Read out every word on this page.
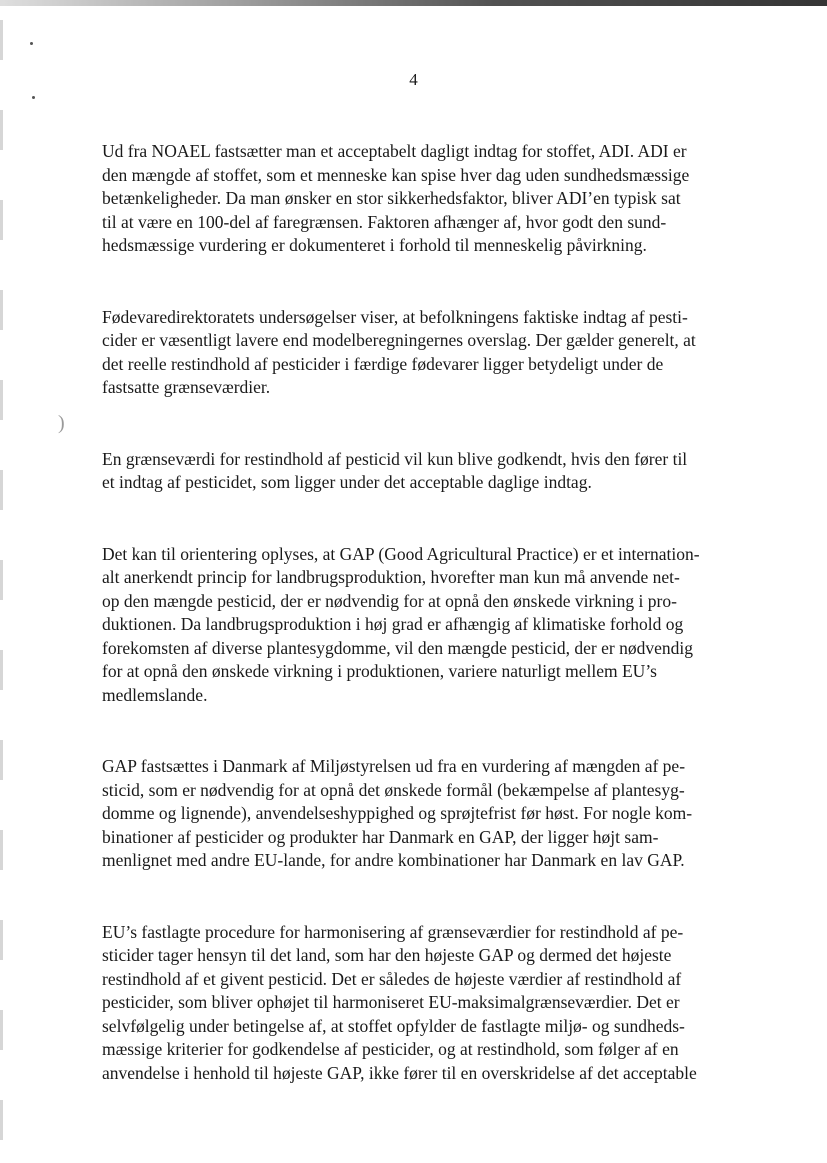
)
4

Ud fra NOAEL fastsætter man et acceptabelt dagligt indtag for stoffet, ADI. ADI er
den mængde af stoffet, som et menneske kan spise hver dag uden sundhedsmæssige
betænkeligheder. Da man ønsker en stor sikkerhedsfaktor, bliver ADI’en typisk sat
til at være en 100-del af faregrænsen. Faktoren afhænger af, hvor godt den sund-
hedsmæssige vurdering er dokumenteret i forhold til menneskelig påvirkning.

Fødevaredirektoratets undersøgelser viser, at befolkningens faktiske indtag af pesti-
cider er væsentligt lavere end modelberegningernes overslag. Der gælder generelt, at
det reelle restindhold af pesticider i færdige fødevarer ligger betydeligt under de
fastsatte grænseværdier.

En grænseværdi for restindhold af pesticid vil kun blive godkendt, hvis den fører til
et indtag af pesticidet, som ligger under det acceptable daglige indtag.

Det kan til orientering oplyses, at GAP (Good Agricultural Practice) er et internation-
alt anerkendt princip for landbrugsproduktion, hvorefter man kun må anvende net-
op den mængde pesticid, der er nødvendig for at opnå den ønskede virkning i pro-
duktionen. Da landbrugsproduktion i høj grad er afhængig af klimatiske forhold og
forekomsten af diverse plantesygdomme, vil den mængde pesticid, der er nødvendig
for at opnå den ønskede virkning i produktionen, variere naturligt mellem EU’s
medlemslande.

GAP fastsættes i Danmark af Miljøstyrelsen ud fra en vurdering af mængden af pe-
sticid, som er nødvendig for at opnå det ønskede formål (bekæmpelse af plantesyg-
domme og lignende), anvendelseshyppighed og sprøjtefrist før høst. For nogle kom-
binationer af pesticider og produkter har Danmark en GAP, der ligger højt sam-
menlignet med andre EU-lande, for andre kombinationer har Danmark en lav GAP.

EU’s fastlagte procedure for harmonisering af grænseværdier for restindhold af pe-
sticider tager hensyn til det land, som har den højeste GAP og dermed det højeste
restindhold af et givent pesticid. Det er således de højeste værdier af restindhold af
pesticider, som bliver ophøjet til harmoniseret EU-maksimalgrænseværdier. Det er
selvfølgelig under betingelse af, at stoffet opfylder de fastlagte miljø- og sundheds-
mæssige kriterier for godkendelse af pesticider, og at restindhold, som følger af en
anvendelse i henhold til højeste GAP, ikke fører til en overskridelse af det acceptable
